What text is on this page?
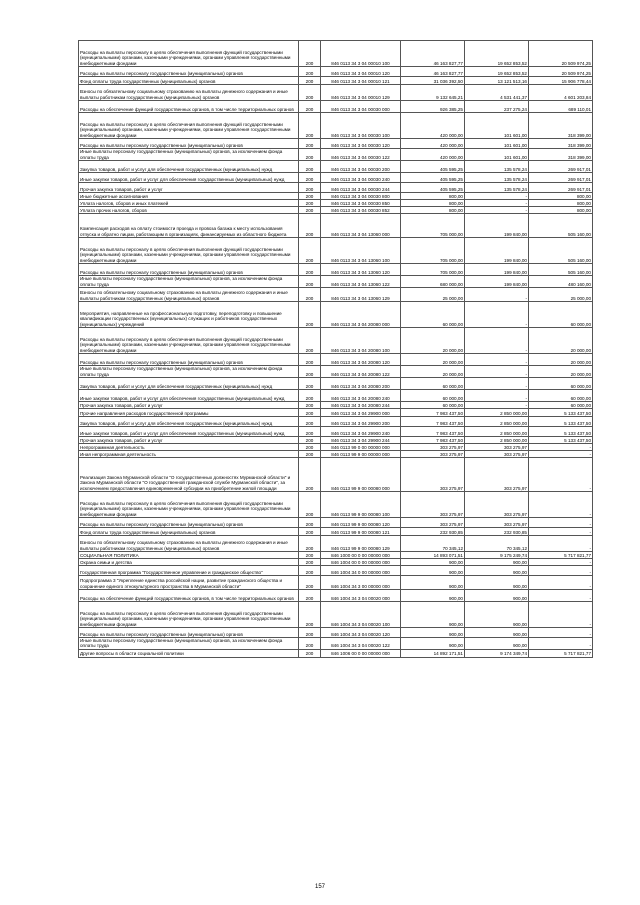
Расходы на выплаты персоналу в целях обеспечения выполнения функций государственными (муниципальными) органами, казенными учреждениями, органами управления государственными внебюджетными фондами	200	846 0113 34 3 04 00010 100	46 163 827,77	19 652 853,52	20 509 974,25
Расходы на выплаты персоналу государственных (муниципальных) органов	200	846 0113 34 3 04 00010 120	46 163 827,77	19 652 853,52	20 509 974,25
Фонд оплаты труда государственных (муниципальных) органов	200	846 0113 34 3 04 00010 121	31 036 392,50	13 121 513,16	15 906 778,44
Взносы по обязательному социальному страхованию на выплаты денежного содержания и иные выплаты работникам государственных (муниципальных) органов	200	846 0113 34 3 04 00010 129	9 132 645,21	4 531 441,37	4 601 203,84
Расходы на обеспечение функций государственных органов, в том числе территориальных органов	200	846 0113 34 3 04 00030 000	926 385,25	237 275,24	689 110,01
Расходы на выплаты персоналу в целях обеспечения выполнения функций государственными (муниципальными) органами, казенными учреждениями, органами управления государственными внебюджетными фондами	200	846 0113 34 3 04 00030 100	420 000,00	101 601,00	318 399,00
Расходы на выплаты персоналу государственных (муниципальных) органов	200	846 0113 34 3 04 00030 120	420 000,00	101 601,00	318 399,00
Иные выплаты персоналу государственных (муниципальных) органов, за исключением фонда оплаты труда	200	846 0113 34 3 04 00030 122	420 000,00	101 601,00	318 399,00
Закупка товаров, работ и услуг для обеспечения государственных (муниципальных) нужд	200	846 0113 34 3 04 00030 200	405 595,25	135 578,24	269 917,01
Иные закупки товаров, работ и услуг для обеспечения государственных (муниципальных) нужд	200	846 0113 34 3 04 00030 240	405 595,25	135 578,24	269 917,01
Прочая закупка товаров, работ и услуг	200	846 0113 34 3 04 00030 244	405 595,25	135 578,24	269 917,01
Иные бюджетные ассигнования	200	846 0113 34 3 04 00030 800	800,00	-	800,00
Уплата налогов, сборов и иных платежей	200	846 0113 34 3 04 00030 850	800,00	-	800,00
Уплата прочих налогов, сборов	200	846 0113 34 3 04 00030 852	800,00	-	800,00
Компенсация расходов на оплату стоимости проезда и провоза багажа к месту использования отпуска и обратно лицам, работающим в организациях, финансируемых из областного бюджета	200	846 0113 34 3 04 13060 000	705 000,00	199 840,00	505 160,00
Расходы на выплаты персоналу в целях обеспечения выполнения функций государственными (муниципальными) органами, казенными учреждениями, органами управления государственными внебюджетными фондами	200	846 0113 34 3 04 13060 100	705 000,00	199 840,00	505 160,00
Расходы на выплаты персоналу государственных (муниципальных) органов	200	846 0113 34 3 04 13060 120	705 000,00	199 840,00	505 160,00
Иные выплаты персоналу государственных (муниципальных) органов, за исключением фонда оплаты труда	200	846 0113 34 3 04 13060 122	680 000,00	199 840,00	480 160,00
Взносы по обязательному социальному страхованию на выплаты денежного содержания и иные выплаты работникам государственных (муниципальных) органов	200	846 0113 34 3 04 13060 129	25 000,00	-	25 000,00
Мероприятия, направленные на профессиональную подготовку, переподготовку и повышение квалификации государственных (муниципальных) служащих и работников государственных (муниципальных) учреждений	200	846 0113 34 3 04 20080 000	60 000,00	-	60 000,00
Расходы на выплаты персоналу в целях обеспечения выполнения функций государственными (муниципальными) органами, казенными учреждениями, органами управления государственными внебюджетными фондами	200	846 0113 34 3 04 20080 100	20 000,00	-	20 000,00
Расходы на выплаты персоналу государственных (муниципальных) органов	200	846 0113 34 3 04 20080 120	20 000,00	-	20 000,00
Иные выплаты персоналу государственных (муниципальных) органов, за исключением фонда оплаты труда	200	846 0113 34 3 04 20080 122	20 000,00	-	20 000,00
Закупка товаров, работ и услуг для обеспечения государственных (муниципальных) нужд	200	846 0113 34 3 04 20080 200	60 000,00	-	60 000,00
Иные закупки товаров, работ и услуг для обеспечения государственных (муниципальных) нужд	200	846 0113 34 3 04 20080 240	60 000,00	-	60 000,00
Прочая закупка товаров, работ и услуг	200	846 0113 34 3 04 20080 244	60 000,00	-	60 000,00
Прочие направления расходов государственной программы	200	846 0113 34 3 04 29900 000	7 983 437,50	2 850 000,00	5 133 437,50
Закупка товаров, работ и услуг для обеспечения государственных (муниципальных) нужд	200	846 0113 34 3 04 29900 200	7 983 437,50	2 850 000,00	5 133 437,50
Иные закупки товаров, работ и услуг для обеспечения государственных (муниципальных) нужд	200	846 0113 34 3 04 29900 240	7 983 437,50	2 850 000,00	5 133 437,50
Прочая закупка товаров, работ и услуг	200	846 0113 34 3 04 29900 244	7 983 437,50	2 850 000,00	5 133 437,50
Непрограммная деятельность	200	846 0113 99 0 00 00000 000	303 275,97	303 275,97	-
Иная непрограммная деятельность	200	846 0113 99 9 00 00000 000	303 275,97	303 275,97	-
Реализация Закона Мурманской области "О государственных должностях Мурманской области" и Закона Мурманской области "О государственной гражданской службе Мурманской области", за исключением предоставления единовременной субсидии на приобретение жилой площади	200	846 0113 99 9 00 00080 000	303 275,97	303 275,97	-
Расходы на выплаты персоналу в целях обеспечения выполнения функций государственными (муниципальными) органами, казенными учреждениями, органами управления государственными внебюджетными фондами	200	846 0113 99 9 00 00080 100	303 275,97	303 275,97	-
Расходы на выплаты персоналу государственных (муниципальных) органов	200	846 0113 99 9 00 00080 120	303 275,97	303 275,97	-
Фонд оплаты труда государственных (муниципальных) органов	200	846 0113 99 9 00 00080 121	232 930,85	232 930,85	-
Взносы по обязательному социальному страхованию на выплаты денежного содержания и иные выплаты работникам государственных (муниципальных) органов	200	846 0113 99 9 00 00080 129	70 345,12	70 345,12	-
СОЦИАЛЬНАЯ ПОЛИТИКА	200	846 1000 00 0 00 00000 000	14 893 071,51	9 175 249,74	5 717 821,77
Охрана семьи и детства	200	846 1004 00 0 00 00000 000	900,00	900,00	-
Государственная программа "Государственное управление и гражданское общество"	200	846 1004 34 0 00 00000 000	900,00	900,00	-
Подпрограмма 3 "Укрепление единства российской нации, развитие гражданского общества и сохранение единого этнокультурного пространства в Мурманской области"	200	846 1004 34 3 00 00000 000	900,00	900,00	-
Расходы на обеспечение функций государственных органов, в том числе территориальных органов	200	846 1004 34 3 04 00020 000	900,00	900,00	-
Расходы на выплаты персоналу в целях обеспечения выполнения функций государственными (муниципальными) органами, казенными учреждениями, органами управления государственными внебюджетными фондами	200	846 1004 34 3 04 00020 100	900,00	900,00	-
Расходы на выплаты персоналу государственных (муниципальных) органов	200	846 1004 34 3 04 00020 120	900,00	900,00	-
Иные выплаты персоналу государственных (муниципальных) органов, за исключением фонда оплаты труда	200	846 1004 34 3 04 00020 122	900,00	900,00	-
Другие вопросы в области социальной политики	200	846 1006 00 0 00 00000 000	14 892 171,51	9 174 349,74	5 717 821,77
157
